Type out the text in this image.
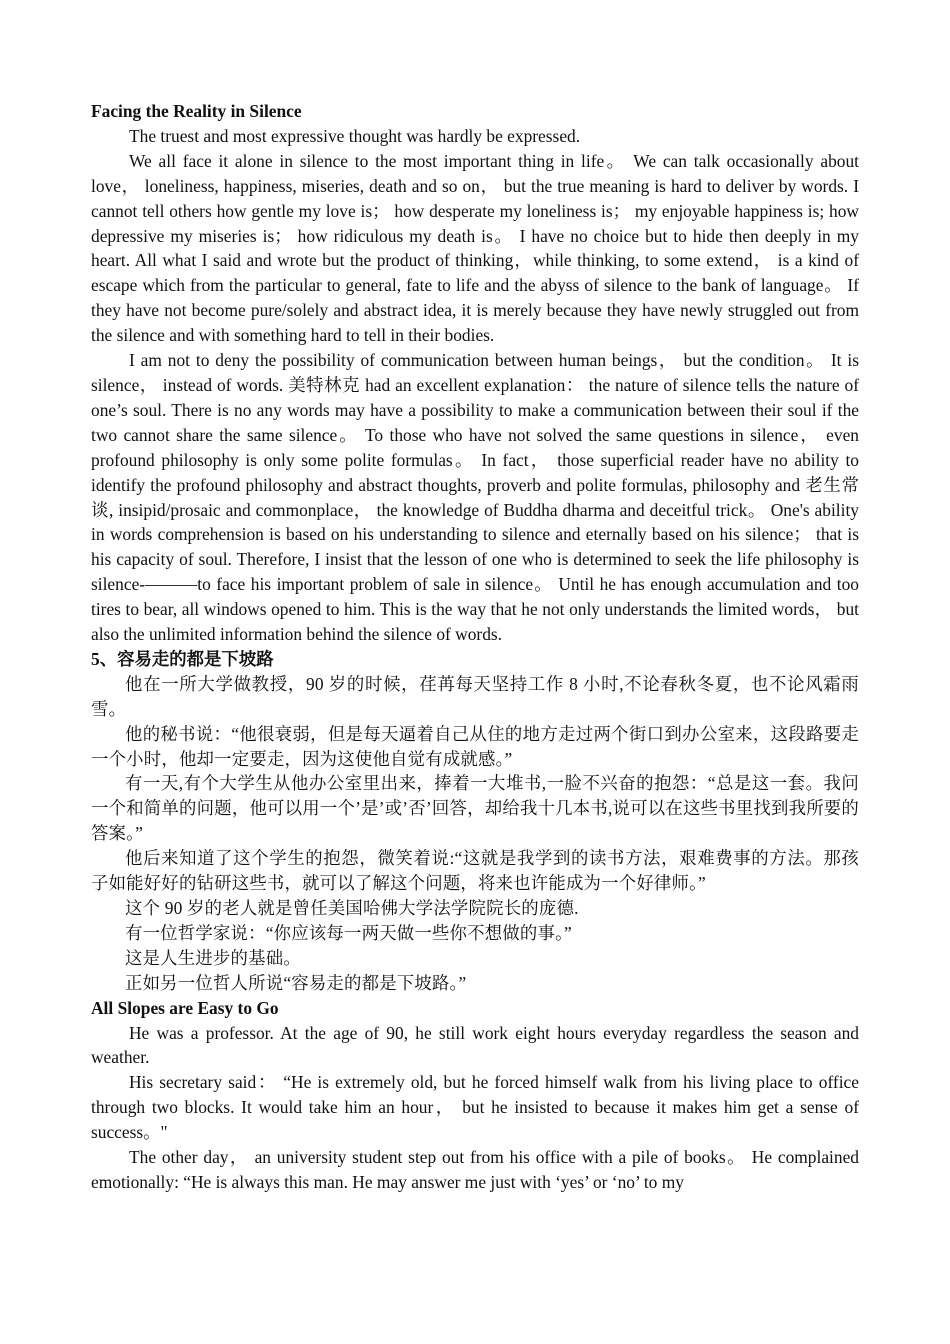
Facing the Reality in Silence

The truest and most expressive thought was hardly be expressed.

We all face it alone in silence to the most important thing in life。 We can talk occasionally about love， loneliness, happiness, miseries, death and so on， but the true meaning is hard to deliver by words. I cannot tell others how gentle my love is； how desperate my loneliness is； my enjoyable happiness is; how depressive my miseries is； how ridiculous my death is。 I have no choice but to hide then deeply in my heart. All what I said and wrote but the product of thinking，while thinking, to some extend， is a kind of escape which from the particular to general, fate to life and the abyss of silence to the bank of language。 If they have not become pure/solely and abstract idea, it is merely because they have newly struggled out from the silence and with something hard to tell in their bodies.

I am not to deny the possibility of communication between human beings， but the condition。 It is silence， instead of words. 美特林克 had an excellent explanation： the nature of silence tells the nature of one’s soul. There is no any words may have a possibility to make a communication between their soul if the two cannot share the same silence。 To those who have not solved the same questions in silence， even profound philosophy is only some polite formulas。 In fact， those superficial reader have no ability to identify the profound philosophy and abstract thoughts, proverb and polite formulas, philosophy and 老生常谈, insipid/prosaic and commonplace， the knowledge of Buddha dharma and deceitful trick。 One's ability in words comprehension is based on his understanding to silence and eternally based on his silence； that is his capacity of soul. Therefore, I insist that the lesson of one who is determined to seek the life philosophy is silence-———to face his important problem of sale in silence。 Until he has enough accumulation and too tires to bear, all windows opened to him. This is the way that he not only understands the limited words， but also the unlimited information behind the silence of words.

5、容易走的都是下坡路

他在一所大学做教授，90 岁的时候，荏苒每天坚持工作 8 小时,不论春秋冬夏，也不论风霜雨雪。

他的秘书说：“他很衰弱，但是每天逼着自己从住的地方走过两个街口到办公室来，这段路要走一个小时，他却一定要走，因为这使他自觉有成就感。”

有一天,有个大学生从他办公室里出来，捧着一大堆书,一脸不兴奋的抱怨：“总是这一套。我问一个和简单的问题，他可以用一个’是’或’否’回答，却给我十几本书,说可以在这些书里找到我所要的答案。”

他后来知道了这个学生的抱怨，微笑着说:“这就是我学到的读书方法，艰难费事的方法。那孩子如能好好的钻研这些书，就可以了解这个问题，将来也许能成为一个好律师。”

这个 90 岁的老人就是曾任美国哈佛大学法学院院长的庞德.

有一位哲学家说：“你应该每一两天做一些你不想做的事。”

这是人生进步的基础。

正如另一位哲人所说“容易走的都是下坡路。”

All Slopes are Easy to Go

He was a professor. At the age of 90, he still work eight hours everyday regardless the season and weather.

His secretary said： “He is extremely old, but he forced himself walk from his living place to office through two blocks. It would take him an hour， but he insisted to because it makes him get a sense of success。"

The other day， an university student step out from his office with a pile of books。 He complained emotionally: “He is always this man. He may answer me just with ‘yes’ or ‘no’ to my
